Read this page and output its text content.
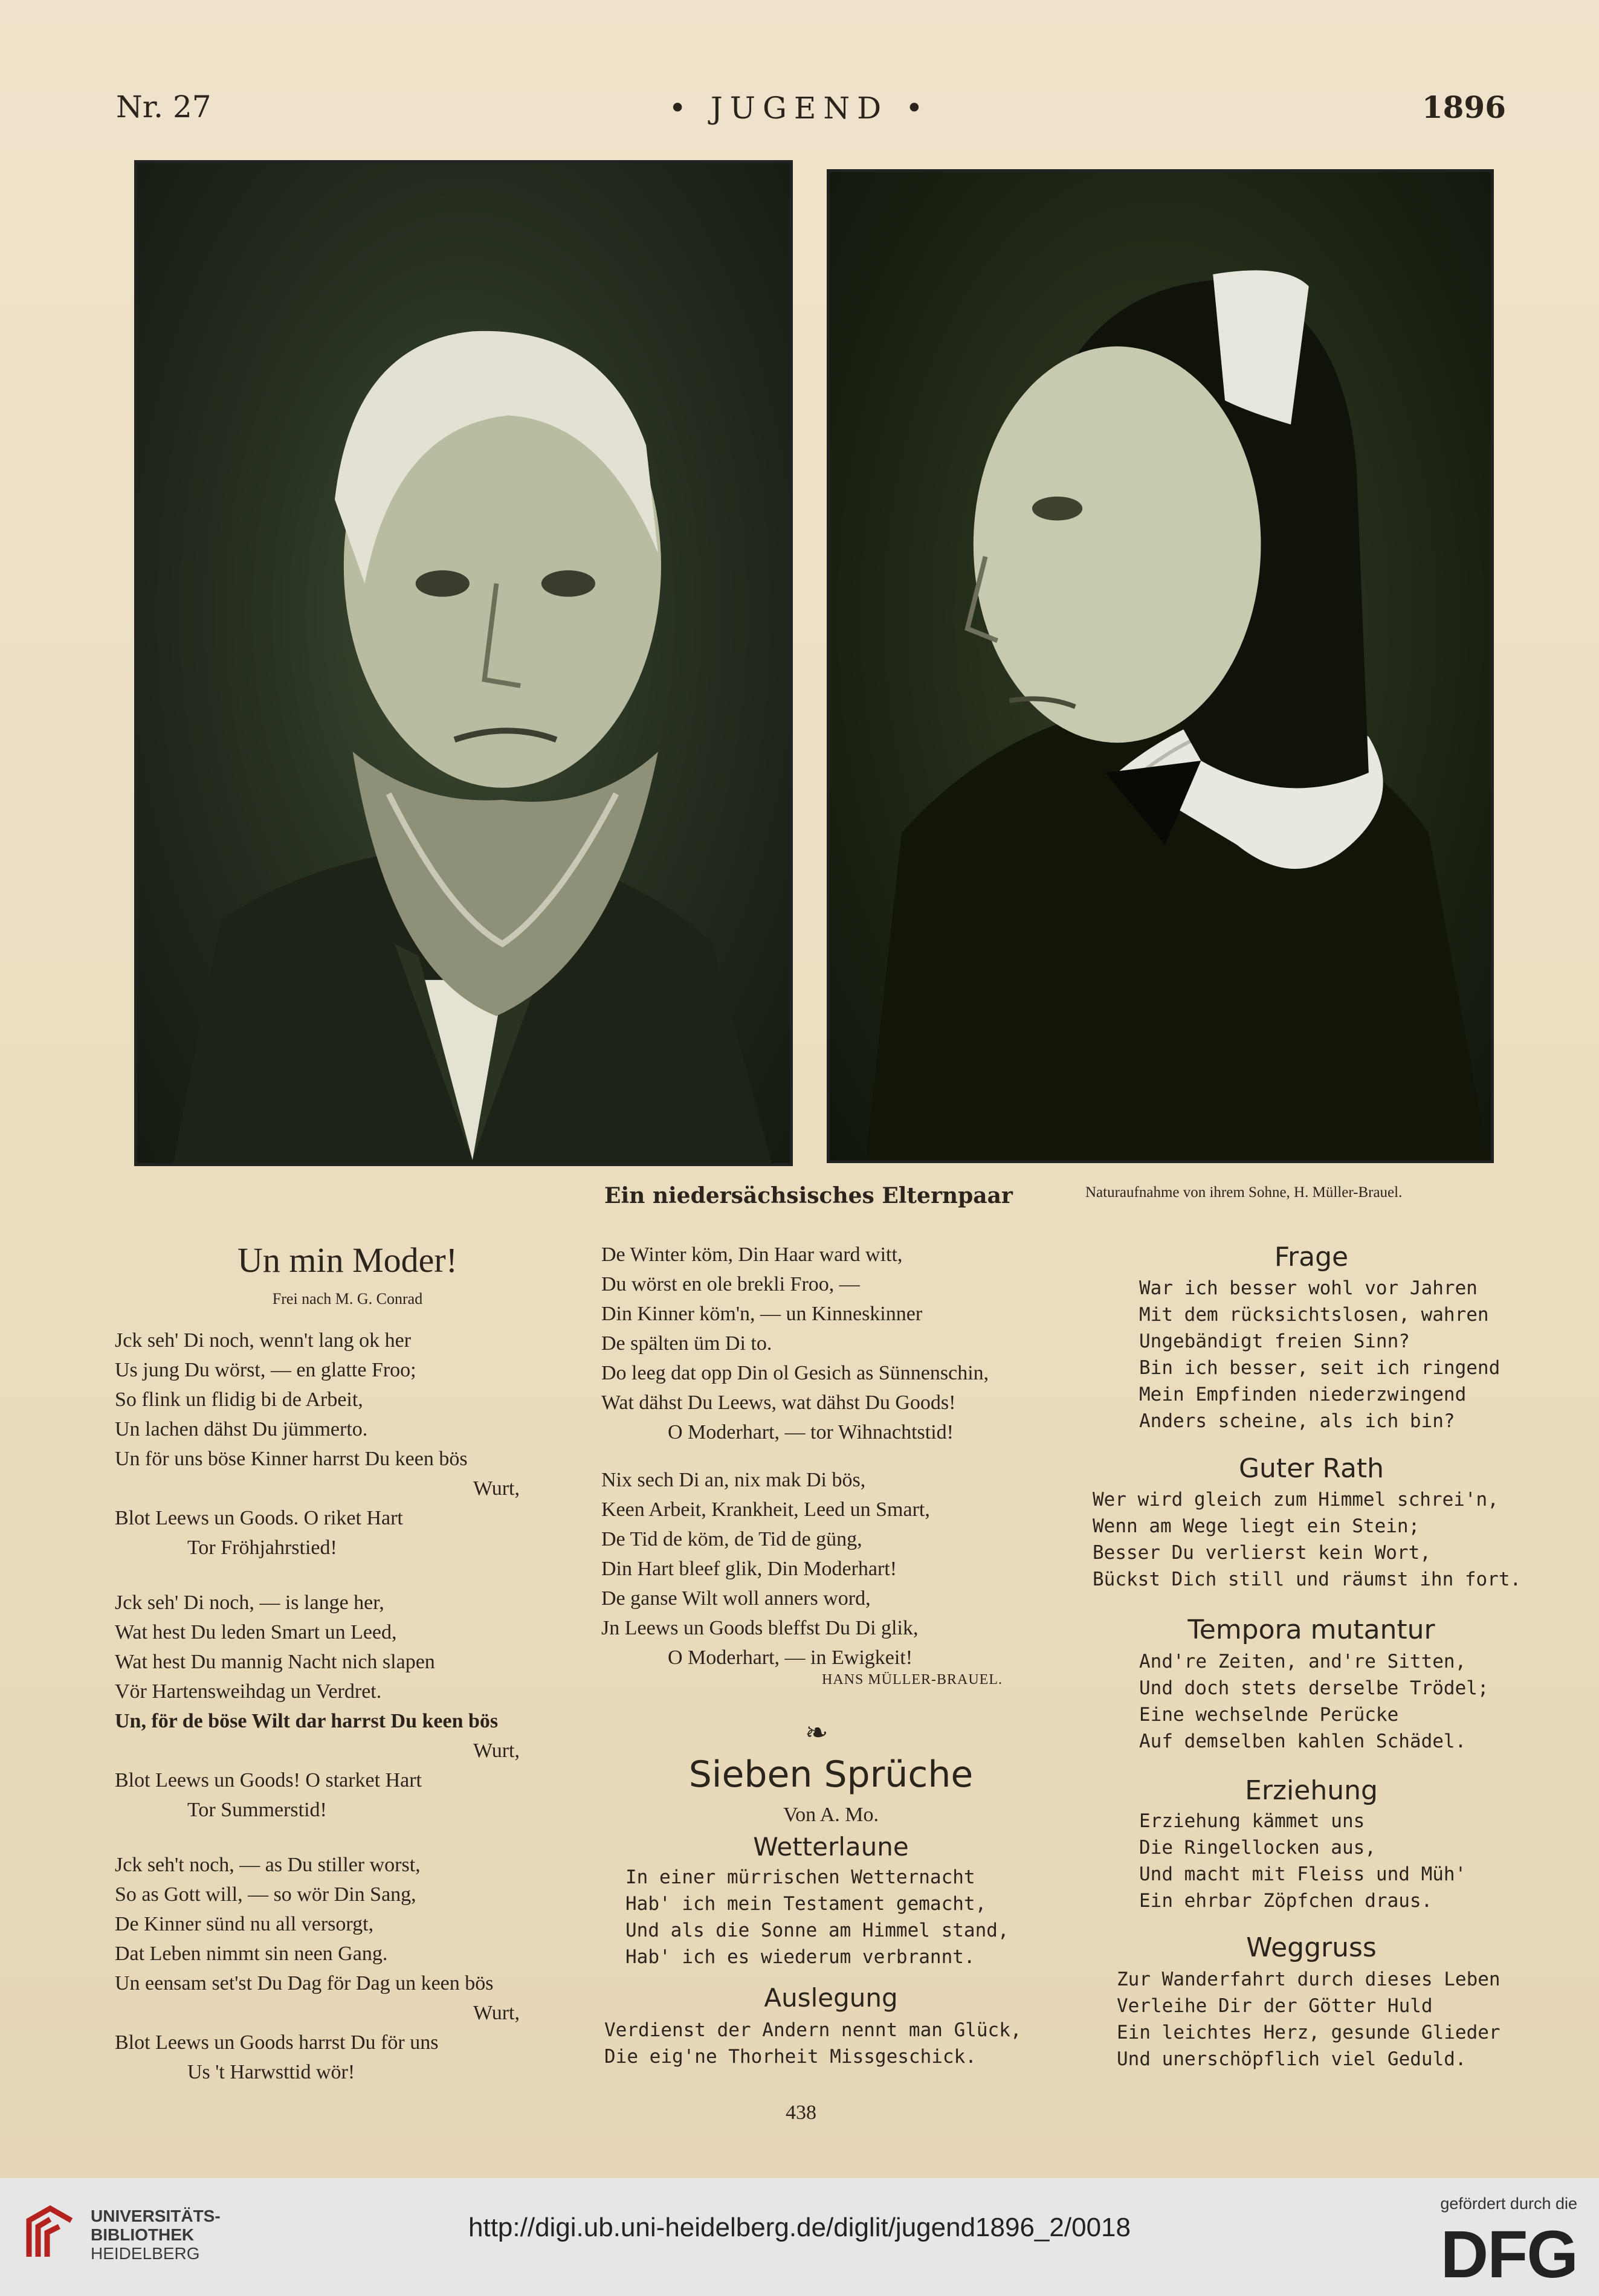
Nr. 27	• JUGEND •	1896
Ein niedersächsisches Elternpaar	Naturaufnahme von ihrem Sohne, H. Müller-Brauel.
Un min Moder!
Frei nach M. G. Conrad
Jck seh' Di noch, wenn't lang ok her
Us jung Du wörst, — en glatte Froo;
So flink un flidig bi de Arbeit,
Un lachen dähst Du jümmerto.
Un för uns böse Kinner harrst Du keen bös
Wurt,
Blot Leews un Goods. O riket Hart
Tor Fröhjahrstied!
Jck seh' Di noch, — is lange her,
Wat hest Du leden Smart un Leed,
Wat hest Du mannig Nacht nich slapen
Vör Hartensweihdag un Verdret.
Un, för de böse Wilt dar harrst Du keen bös
Wurt,
Blot Leews un Goods! O starket Hart
Tor Summerstid!
Jck seh't noch, — as Du stiller worst,
So as Gott will, — so wör Din Sang,
De Kinner sünd nu all versorgt,
Dat Leben nimmt sin neen Gang.
Un eensam set'st Du Dag för Dag un keen bös
Wurt,
Blot Leews un Goods harrst Du för uns
Us 't Harwsttid wör!
De Winter köm, Din Haar ward witt,
Du wörst en ole brekli Froo, —
Din Kinner köm'n, — un Kinneskinner
De spälten üm Di to.
Do leeg dat opp Din ol Gesich as Sünnenschin,
Wat dähst Du Leews, wat dähst Du Goods!
O Moderhart, — tor Wihnachtstid!
Nix sech Di an, nix mak Di bös,
Keen Arbeit, Krankheit, Leed un Smart,
De Tid de köm, de Tid de güng,
Din Hart bleef glik, Din Moderhart!
De ganse Wilt woll anners word,
Jn Leews un Goods bleffst Du Di glik,
O Moderhart, — in Ewigkeit!
HANS MÜLLER-BRAUEL.
❧
Sieben Sprüche
Von A. Mo.
Wetterlaune
In einer mürrischen Wetternacht
Hab' ich mein Testament gemacht,
Und als die Sonne am Himmel stand,
Hab' ich es wiederum verbrannt.
Auslegung
Verdienst der Andern nennt man Glück,
Die eig'ne Thorheit Missgeschick.
Frage
War ich besser wohl vor Jahren
Mit dem rücksichtslosen, wahren
Ungebändigt freien Sinn?
Bin ich besser, seit ich ringend
Mein Empfinden niederzwingend
Anders scheine, als ich bin?
Guter Rath
Wer wird gleich zum Himmel schrei'n,
Wenn am Wege liegt ein Stein;
Besser Du verlierst kein Wort,
Bückst Dich still und räumst ihn fort.
Tempora mutantur
And're Zeiten, and're Sitten,
Und doch stets derselbe Trödel;
Eine wechselnde Perücke
Auf demselben kahlen Schädel.
Erziehung
Erziehung kämmet uns
Die Ringellocken aus,
Und macht mit Fleiss und Müh'
Ein ehrbar Zöpfchen draus.
Weggruss
Zur Wanderfahrt durch dieses Leben
Verleihe Dir der Götter Huld
Ein leichtes Herz, gesunde Glieder
Und unerschöpflich viel Geduld.
438
UNIVERSITÄTS-
BIBLIOTHEK
HEIDELBERG
http://digi.ub.uni-heidelberg.de/diglit/jugend1896_2/0018
gefördert durch die
DFG
